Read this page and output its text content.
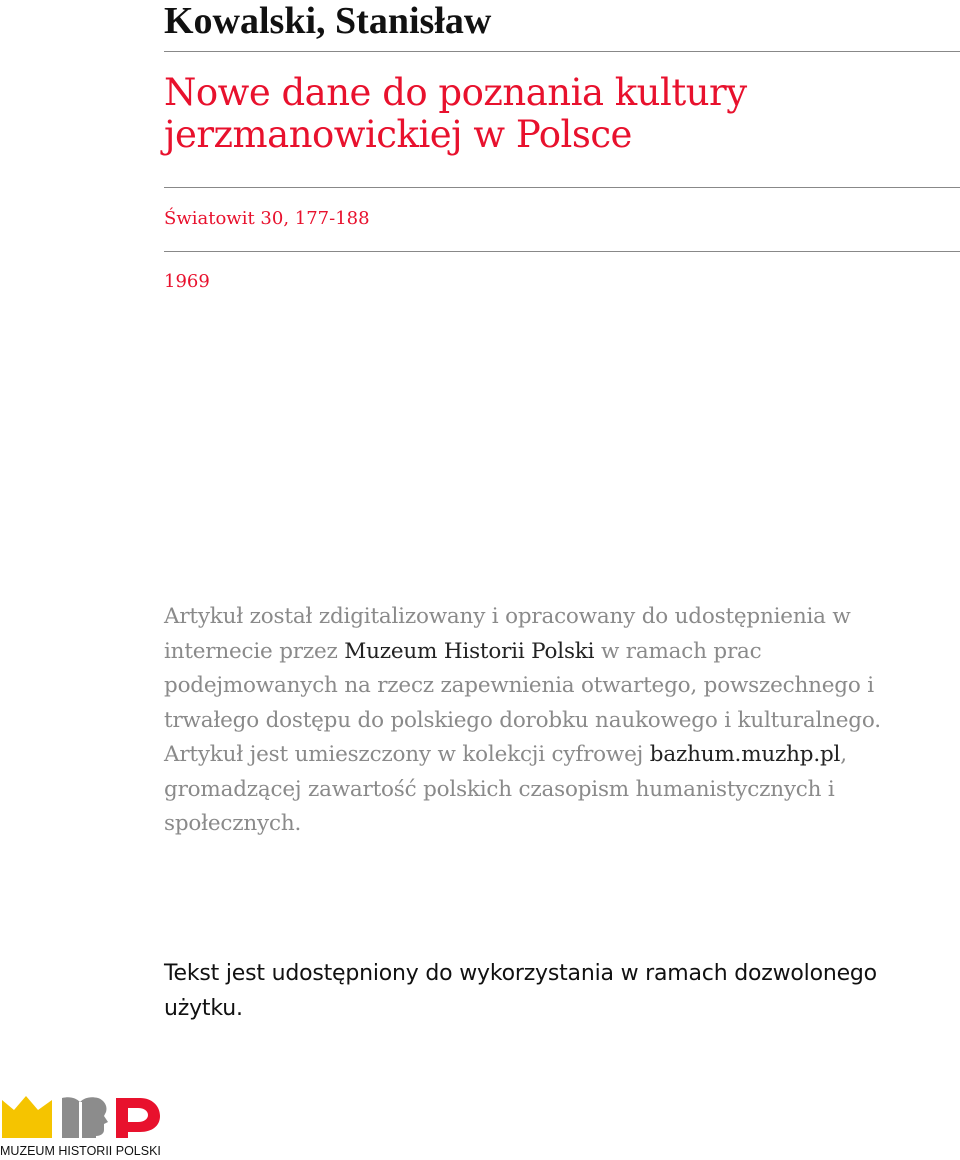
Kowalski, Stanisław
Nowe dane do poznania kultury jerzmanowickiej w Polsce
Światowit 30, 177-188
1969

Artykuł został zdigitalizowany i opracowany do udostępnienia w internecie przez Muzeum Historii Polski w ramach prac podejmowanych na rzecz zapewnienia otwartego, powszechnego i trwałego dostępu do polskiego dorobku naukowego i kulturalnego. Artykuł jest umieszczony w kolekcji cyfrowej bazhum.muzhp.pl, gromadzącej zawartość polskich czasopism humanistycznych i społecznych.

Tekst jest udostępniony do wykorzystania w ramach dozwolonego użytku.

MUZEUM HISTORII POLSKI
